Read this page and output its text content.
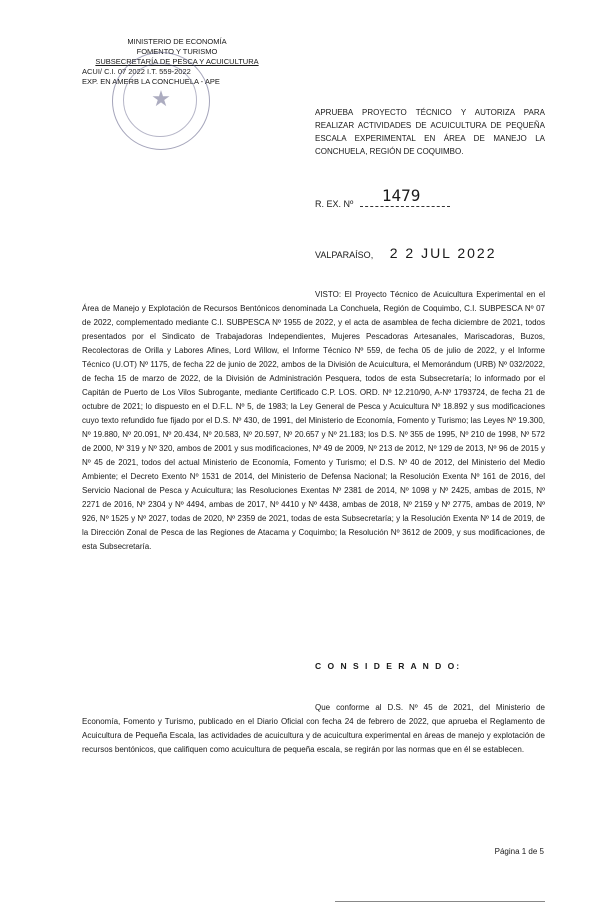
MINISTERIO DE ECONOMÍA
FOMENTO Y TURISMO
SUBSECRETARÍA DE PESCA Y ACUICULTURA
ACUI/ C.I. 07 2022 I.T. 559-2022
EXP. EN AMERB LA CONCHUELA - APE
★
APRUEBA PROYECTO TÉCNICO Y AUTORIZA PARA REALIZAR ACTIVIDADES DE ACUICULTURA DE PEQUEÑA ESCALA EXPERIMENTAL EN ÁREA DE MANEJO LA CONCHUELA, REGIÓN DE COQUIMBO.
R. EX. Nº 1479
VALPARAÍSO, 2 2 JUL 2022
VISTO: El Proyecto Técnico de Acuicultura Experimental en el Área de Manejo y Explotación de Recursos Bentónicos denominada La Conchuela, Región de Coquimbo, C.I. SUBPESCA Nº 07 de 2022, complementado mediante C.I. SUBPESCA Nº 1955 de 2022, y el acta de asamblea de fecha diciembre de 2021, todos presentados por el Sindicato de Trabajadoras Independientes, Mujeres Pescadoras Artesanales, Mariscadoras, Buzos, Recolectoras de Orilla y Labores Afines, Lord Willow, el Informe Técnico Nº 559, de fecha 05 de julio de 2022, y el Informe Técnico (U.OT) Nº 1175, de fecha 22 de junio de 2022, ambos de la División de Acuicultura, el Memorándum (URB) Nº 032/2022, de fecha 15 de marzo de 2022, de la División de Administración Pesquera, todos de esta Subsecretaría; lo informado por el Capitán de Puerto de Los Vilos Subrogante, mediante Certificado C.P. LOS. ORD. Nº 12.210/90, A-Nº 1793724, de fecha 21 de octubre de 2021; lo dispuesto en el D.F.L. Nº 5, de 1983; la Ley General de Pesca y Acuicultura Nº 18.892 y sus modificaciones cuyo texto refundido fue fijado por el D.S. Nº 430, de 1991, del Ministerio de Economía, Fomento y Turismo; las Leyes Nº 19.300, Nº 19.880, Nº 20.091, Nº 20.434, Nº 20.583, Nº 20.597, Nº 20.657 y Nº 21.183; los D.S. Nº 355 de 1995, Nº 210 de 1998, Nº 572 de 2000, Nº 319 y Nº 320, ambos de 2001 y sus modificaciones, Nº 49 de 2009, Nº 213 de 2012, Nº 129 de 2013, Nº 96 de 2015 y Nº 45 de 2021, todos del actual Ministerio de Economía, Fomento y Turismo; el D.S. Nº 40 de 2012, del Ministerio del Medio Ambiente; el Decreto Exento Nº 1531 de 2014, del Ministerio de Defensa Nacional; la Resolución Exenta Nº 161 de 2016, del Servicio Nacional de Pesca y Acuicultura; las Resoluciones Exentas Nº 2381 de 2014, Nº 1098 y Nº 2425, ambas de 2015, Nº 2271 de 2016, Nº 2304 y Nº 4494, ambas de 2017, Nº 4410 y Nº 4438, ambas de 2018, Nº 2159 y Nº 2775, ambas de 2019, Nº 926, Nº 1525 y Nº 2027, todas de 2020, Nº 2359 de 2021, todas de esta Subsecretaría; y la Resolución Exenta Nº 14 de 2019, de la Dirección Zonal de Pesca de las Regiones de Atacama y Coquimbo; la Resolución Nº 3612 de 2009, y sus modificaciones, de esta Subsecretaría.
C O N S I D E R A N D O:
Que conforme al D.S. Nº 45 de 2021, del Ministerio de Economía, Fomento y Turismo, publicado en el Diario Oficial con fecha 24 de febrero de 2022, que aprueba el Reglamento de Acuicultura de Pequeña Escala, las actividades de acuicultura y de acuicultura experimental en áreas de manejo y explotación de recursos bentónicos, que califiquen como acuicultura de pequeña escala, se regirán por las normas que en él se establecen.
Página 1 de 5
